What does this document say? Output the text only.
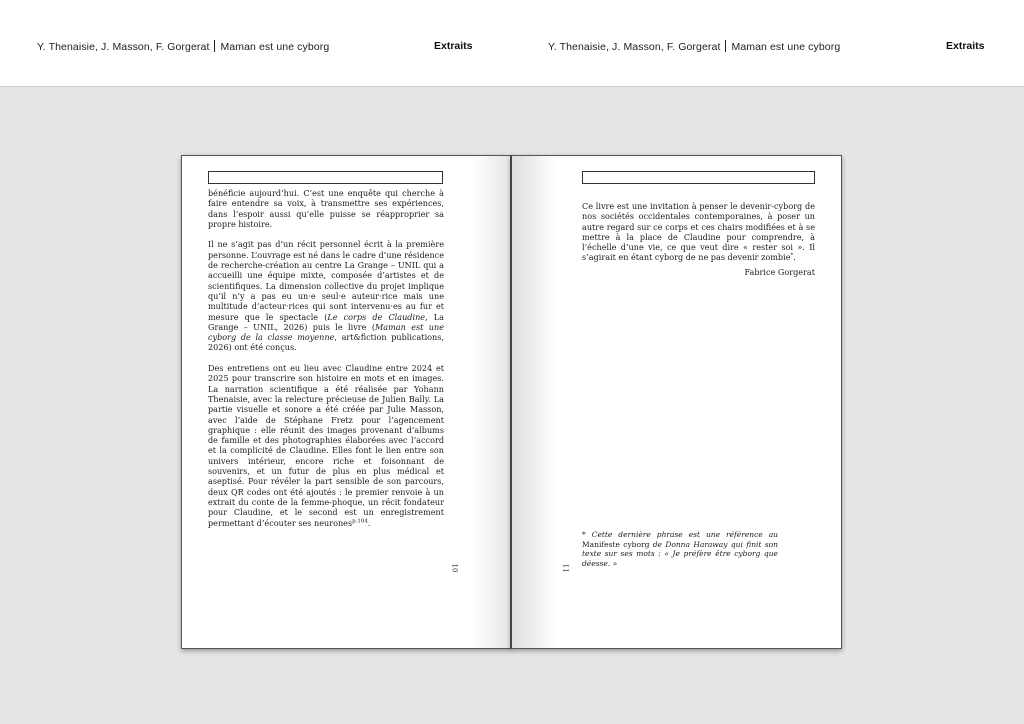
Y. Thenaisie, J. Masson, F. Gorgerat Maman est une cyborg	Extraits	Y. Thenaisie, J. Masson, F. Gorgerat Maman est une cyborg	Extraits

bénéficie aujourd’hui. C’est une enquête qui cherche à faire entendre sa voix, à transmettre ses expériences, dans l’espoir aussi qu’elle puisse se réapproprier sa propre histoire.

Il ne s’agit pas d’un récit personnel écrit à la première personne. L’ouvrage est né dans le cadre d’une résidence de recherche-création au centre La Grange – UNIL qui a accueilli une équipe mixte, composée d’artistes et de scientifiques. La dimension collective du projet implique qu’il n’y a pas eu un·e seul·e auteur·rice mais une multitude d’acteur·rices qui sont intervenu·es au fur et mesure que le spectacle (Le corps de Claudine, La Grange – UNIL, 2026) puis le livre (Maman est une cyborg de la classe moyenne, art&fiction publications, 2026) ont été conçus.

Des entretiens ont eu lieu avec Claudine entre 2024 et 2025 pour transcrire son histoire en mots et en images. La narration scientifique a été réalisée par Yohann Thenaisie, avec la relecture précieuse de Julien Bally. La partie visuelle et sonore a été créée par Julie Masson, avec l’aide de Stéphane Fretz pour l’agencement graphique : elle réunit des images provenant d’albums de famille et des photographies élaborées avec l’accord et la complicité de Claudine. Elles font le lien entre son univers intérieur, encore riche et foisonnant de souvenirs, et un futur de plus en plus médical et aseptisé. Pour révéler la part sensible de son parcours, deux QR codes ont été ajoutés : le premier renvoie à un extrait du conte de la femme-phoque, un récit fondateur pour Claudine, et le second est un enregistrement permettant d’écouter ses neurones$^{p.104}$.

10

Ce livre est une invitation à penser le devenir-cyborg de nos sociétés occidentales contemporaines, à poser un autre regard sur ce corps et ces chairs modifiées et à se mettre à la place de Claudine pour comprendre, à l’échelle d’une vie, ce que veut dire « rester soi ». Il s’agirait en étant cyborg de ne pas devenir zombie*.

Fabrice Gorgerat
* Cette dernière phrase est une référence au Manifeste cyborg de Donna Haraway qui finit son texte sur ses mots : « Je préfère être cyborg que déesse. »
11
